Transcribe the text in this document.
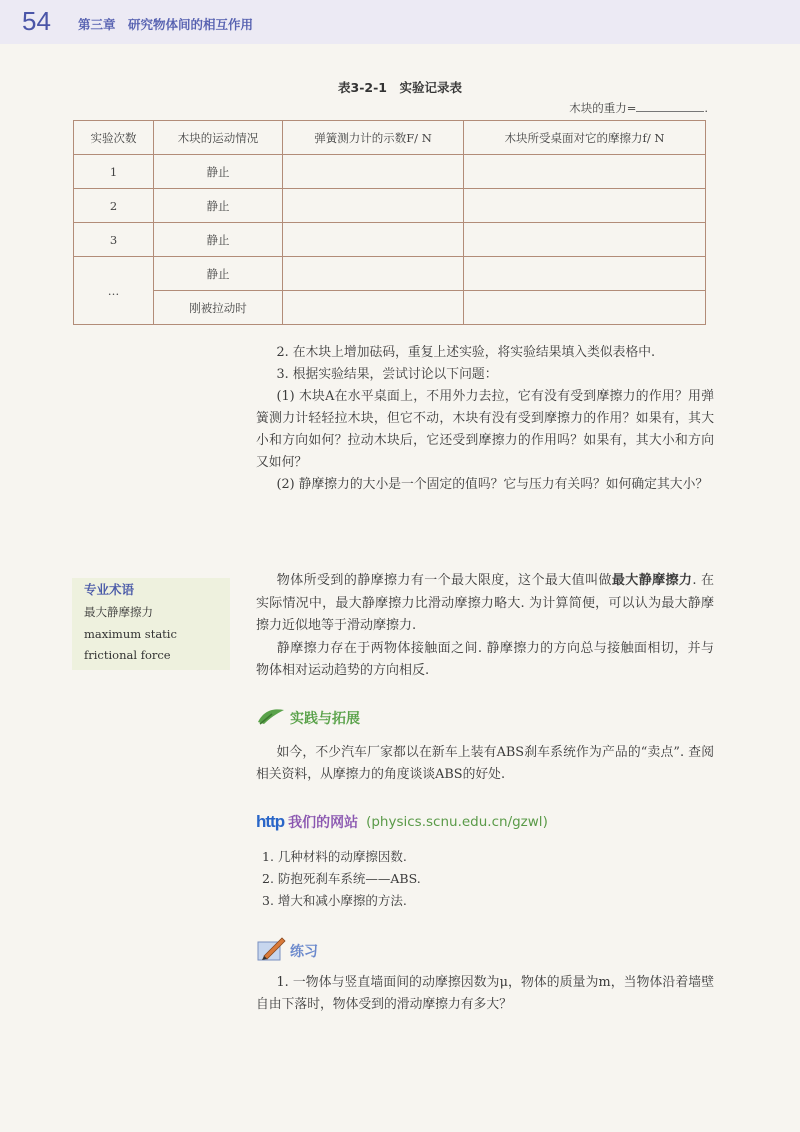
54 第三章　研究物体间的相互作用
表3-2-1　实验记录表
木块的重力=	.
实验次数	木块的运动情况	弹簧测力计的示数F/ N	木块所受桌面对它的摩擦力f/ N
1	静止		
2	静止		
3	静止		
…	静止		
	刚被拉动时		

2. 在木块上增加砝码，重复上述实验，将实验结果填入类似表格中.

3. 根据实验结果，尝试讨论以下问题：

(1) 木块A在水平桌面上，不用外力去拉，它有没有受到摩擦力的作用？用弹簧测力计轻轻拉木块，但它不动，木块有没有受到摩擦力的作用？如果有，其大小和方向如何？拉动木块后，它还受到摩擦力的作用吗？如果有，其大小和方向又如何？

(2) 静摩擦力的大小是一个固定的值吗？它与压力有关吗？如何确定其大小？

专业术语
最大静摩擦力
maximum static
frictional force

物体所受到的静摩擦力有一个最大限度，这个最大值叫做最大静摩擦力. 在实际情况中，最大静摩擦力比滑动摩擦力略大. 为计算简便，可以认为最大静摩擦力近似地等于滑动摩擦力.

静摩擦力存在于两物体接触面之间. 静摩擦力的方向总与接触面相切，并与物体相对运动趋势的方向相反.

实践与拓展

如今，不少汽车厂家都以在新车上装有ABS刹车系统作为产品的“卖点”. 查阅相关资料，从摩擦力的角度谈谈ABS的好处.

http 我们的网站 (physics.scnu.edu.cn/gzwl)
1. 几种材料的动摩擦因数.
2. 防抱死刹车系统——ABS.
3. 增大和减小摩擦的方法.
练习

1. 一物体与竖直墙面间的动摩擦因数为μ，物体的质量为m，当物体沿着墙壁自由下落时，物体受到的滑动摩擦力有多大？
